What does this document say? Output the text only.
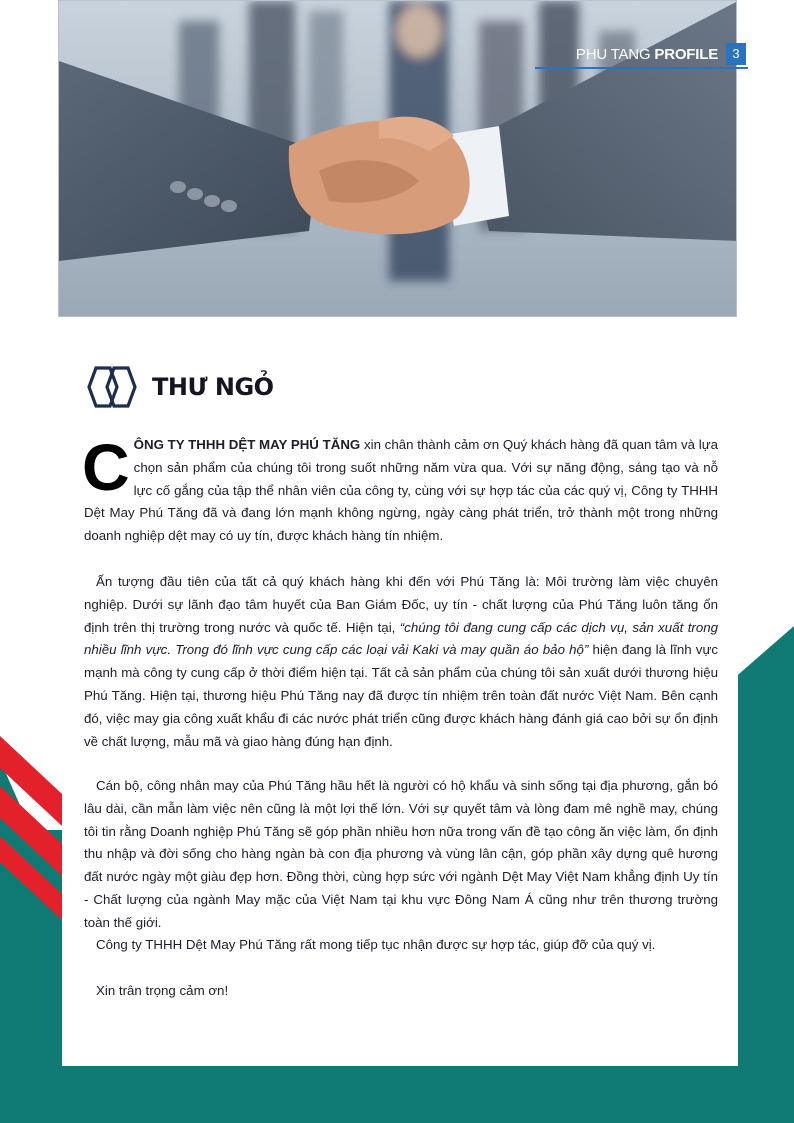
PHU TANG PROFILE	3
THƯ NGỎ
CÔNG TY THHH DỆT MAY PHÚ TĂNG xin chân thành cảm ơn Quý khách hàng đã quan tâm và lựa chọn sản phẩm của chúng tôi trong suốt những năm vừa qua. Với sự năng động, sáng tạo và nỗ lực cố gắng của tập thể nhân viên của công ty, cùng với sự hợp tác của các quý vị, Công ty THHH Dệt May Phú Tăng đã và đang lớn mạnh không ngừng, ngày càng phát triển, trở thành một trong những doanh nghiệp dệt may có uy tín, được khách hàng tín nhiệm.
Ấn tượng đầu tiên của tất cả quý khách hàng khi đến với Phú Tăng là: Môi trường làm việc chuyên nghiệp. Dưới sự lãnh đạo tâm huyết của Ban Giám Đốc, uy tín - chất lượng của Phú Tăng luôn tăng ổn định trên thị trường trong nước và quốc tế. Hiện tại, “chúng tôi đang cung cấp các dịch vụ, sản xuất trong nhiều lĩnh vực. Trong đó lĩnh vực cung cấp các loại vải Kaki và may quần áo bảo hộ” hiện đang là lĩnh vực mạnh mà công ty cung cấp ở thời điểm hiện tại. Tất cả sản phẩm của chúng tôi sản xuất dưới thương hiệu Phú Tăng. Hiện tại, thương hiệu Phú Tăng nay đã được tín nhiệm trên toàn đất nước Việt Nam. Bên cạnh đó, việc may gia công xuất khẩu đi các nước phát triển cũng được khách hàng đánh giá cao bởi sự ổn định về chất lượng, mẫu mã và giao hàng đúng hạn định.
Cán bộ, công nhân may của Phú Tăng hầu hết là người có hộ khẩu và sinh sống tại địa phương, gắn bó lâu dài, cần mẫn làm việc nên cũng là một lợi thế lớn. Với sự quyết tâm và lòng đam mê nghề may, chúng tôi tin rằng Doanh nghiệp Phú Tăng sẽ góp phần nhiều hơn nữa trong vấn đề tạo công ăn việc làm, ổn định thu nhập và đời sống cho hàng ngàn bà con địa phương và vùng lân cận, góp phần xây dựng quê hương đất nước ngày một giàu đẹp hơn. Đồng thời, cùng hợp sức với ngành Dệt May Việt Nam khẳng định Uy tín - Chất lượng của ngành May mặc của Việt Nam tại khu vực Đông Nam Á cũng như trên thương trường toàn thế giới.
Công ty THHH Dệt May Phú Tăng rất mong tiếp tục nhận được sự hợp tác, giúp đỡ của quý vị.
Xin trân trọng cảm ơn!
